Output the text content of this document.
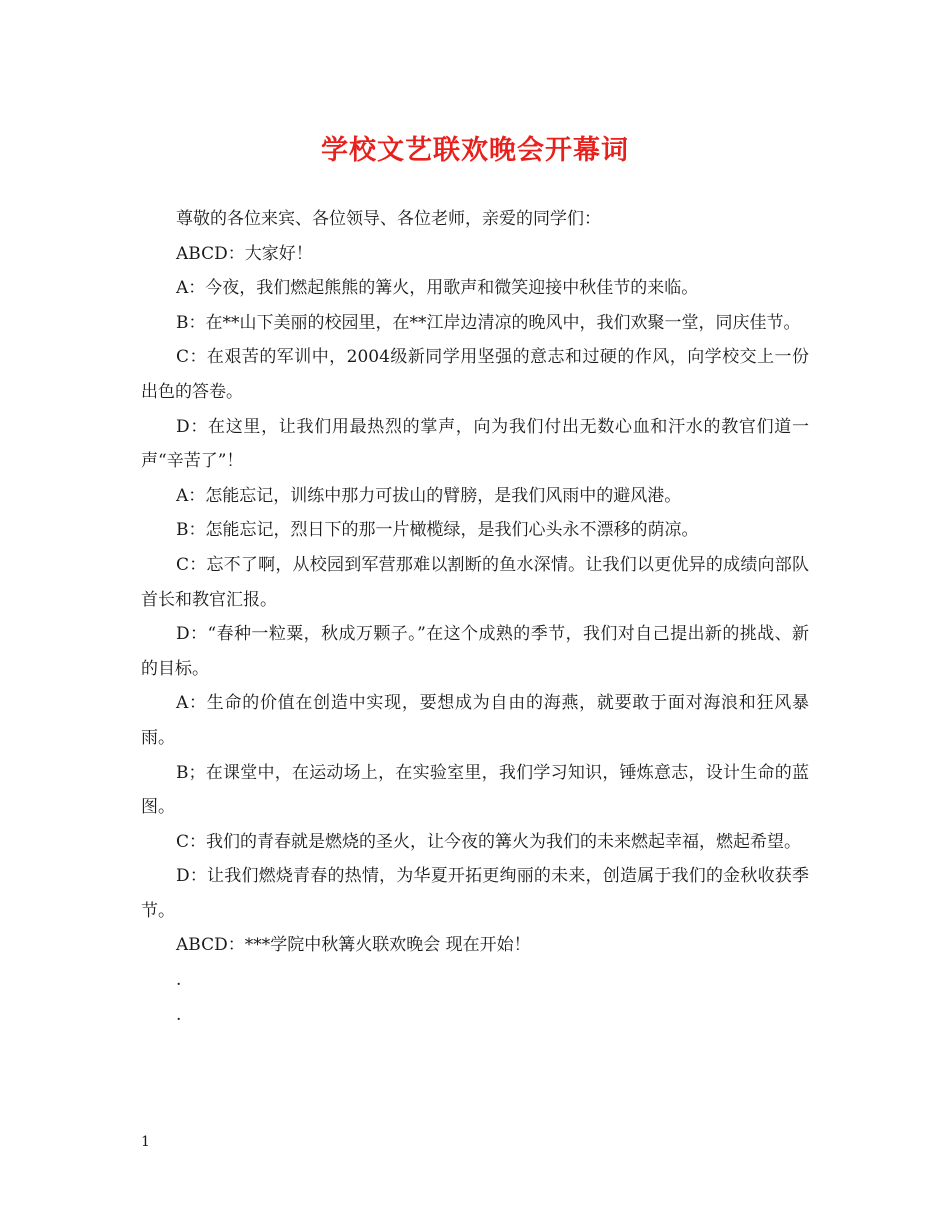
学校文艺联欢晚会开幕词

尊敬的各位来宾、各位领导、各位老师，亲爱的同学们：

ABCD：大家好！

A：今夜，我们燃起熊熊的篝火，用歌声和微笑迎接中秋佳节的来临。

B：在**山下美丽的校园里，在**江岸边清凉的晚风中，我们欢聚一堂，同庆佳节。

C：在艰苦的军训中，2004级新同学用坚强的意志和过硬的作风，向学校交上一份出色的答卷。

D：在这里，让我们用最热烈的掌声，向为我们付出无数心血和汗水的教官们道一声“辛苦了”！

A：怎能忘记，训练中那力可拔山的臂膀，是我们风雨中的避风港。

B：怎能忘记，烈日下的那一片橄榄绿，是我们心头永不漂移的荫凉。

C：忘不了啊，从校园到军营那难以割断的鱼水深情。让我们以更优异的成绩向部队首长和教官汇报。

D：“春种一粒粟，秋成万颗子。”在这个成熟的季节，我们对自己提出新的挑战、新的目标。

A：生命的价值在创造中实现，要想成为自由的海燕，就要敢于面对海浪和狂风暴雨。

B；在课堂中，在运动场上，在实验室里，我们学习知识，锤炼意志，设计生命的蓝图。

C：我们的青春就是燃烧的圣火，让今夜的篝火为我们的未来燃起幸福，燃起希望。

D：让我们燃烧青春的热情，为华夏开拓更绚丽的未来，创造属于我们的金秋收获季节。

ABCD：***学院中秋篝火联欢晚会 现在开始！

.

.

1
